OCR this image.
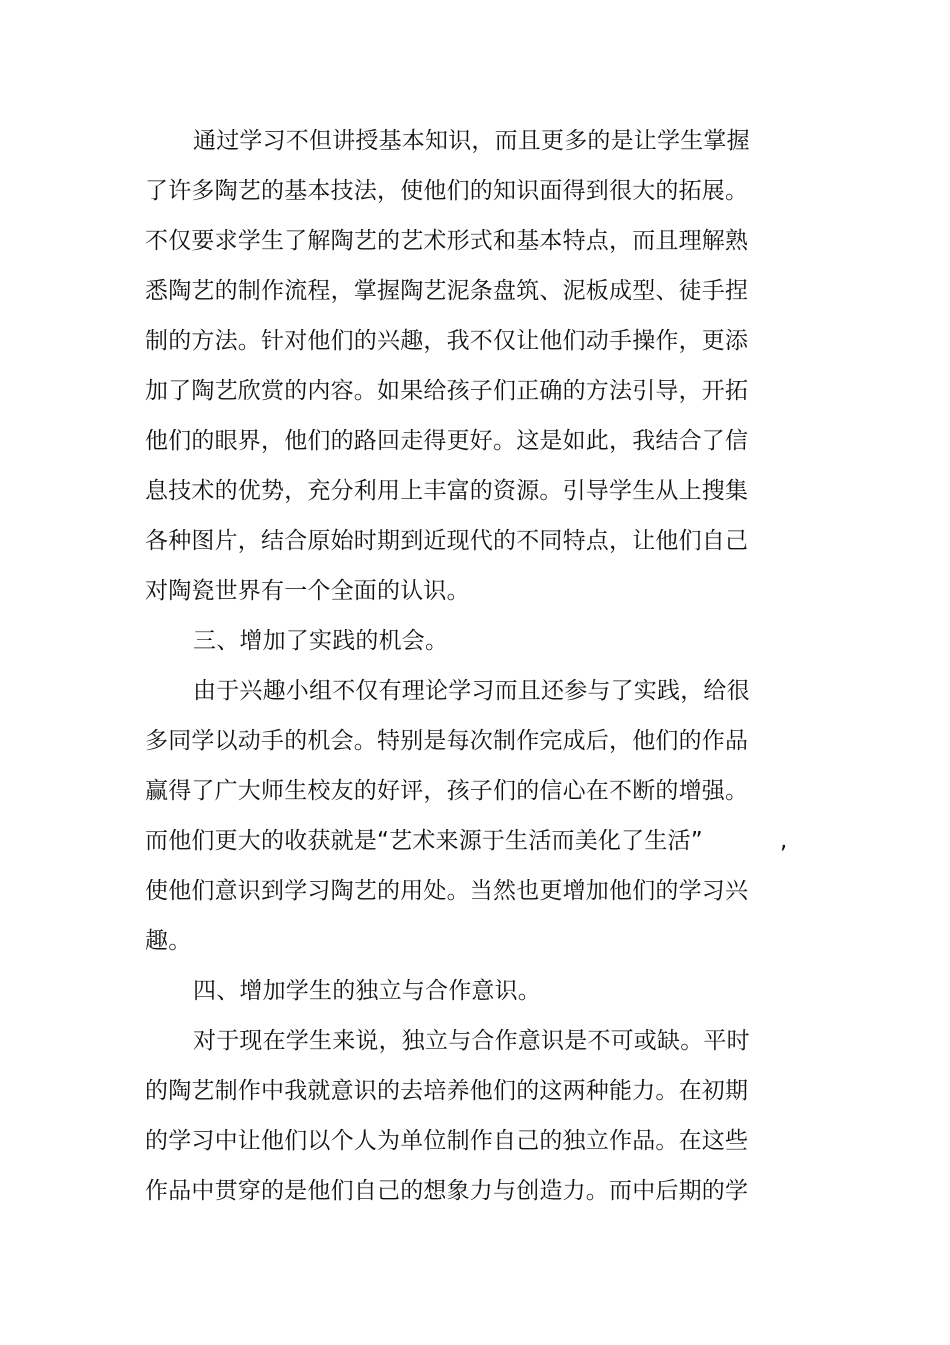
通过学习不但讲授基本知识，而且更多的是让学生掌握
了许多陶艺的基本技法，使他们的知识面得到很大的拓展。
不仅要求学生了解陶艺的艺术形式和基本特点，而且理解熟
悉陶艺的制作流程，掌握陶艺泥条盘筑、泥板成型、徒手捏
制的方法。针对他们的兴趣，我不仅让他们动手操作，更添
加了陶艺欣赏的内容。如果给孩子们正确的方法引导，开拓
他们的眼界，他们的路回走得更好。这是如此，我结合了信
息技术的优势，充分利用上丰富的资源。引导学生从上搜集
各种图片，结合原始时期到近现代的不同特点，让他们自己
对陶瓷世界有一个全面的认识。
三、增加了实践的机会。
由于兴趣小组不仅有理论学习而且还参与了实践，给很
多同学以动手的机会。特别是每次制作完成后，他们的作品
赢得了广大师生校友的好评，孩子们的信心在不断的增强。
而他们更大的收获就是“艺术来源于生活而美化了生活”
使他们意识到学习陶艺的用处。当然也更增加他们的学习兴
趣。
四、增加学生的独立与合作意识。
对于现在学生来说，独立与合作意识是不可或缺。平时
的陶艺制作中我就意识的去培养他们的这两种能力。在初期
的学习中让他们以个人为单位制作自己的独立作品。在这些
作品中贯穿的是他们自己的想象力与创造力。而中后期的学
,
